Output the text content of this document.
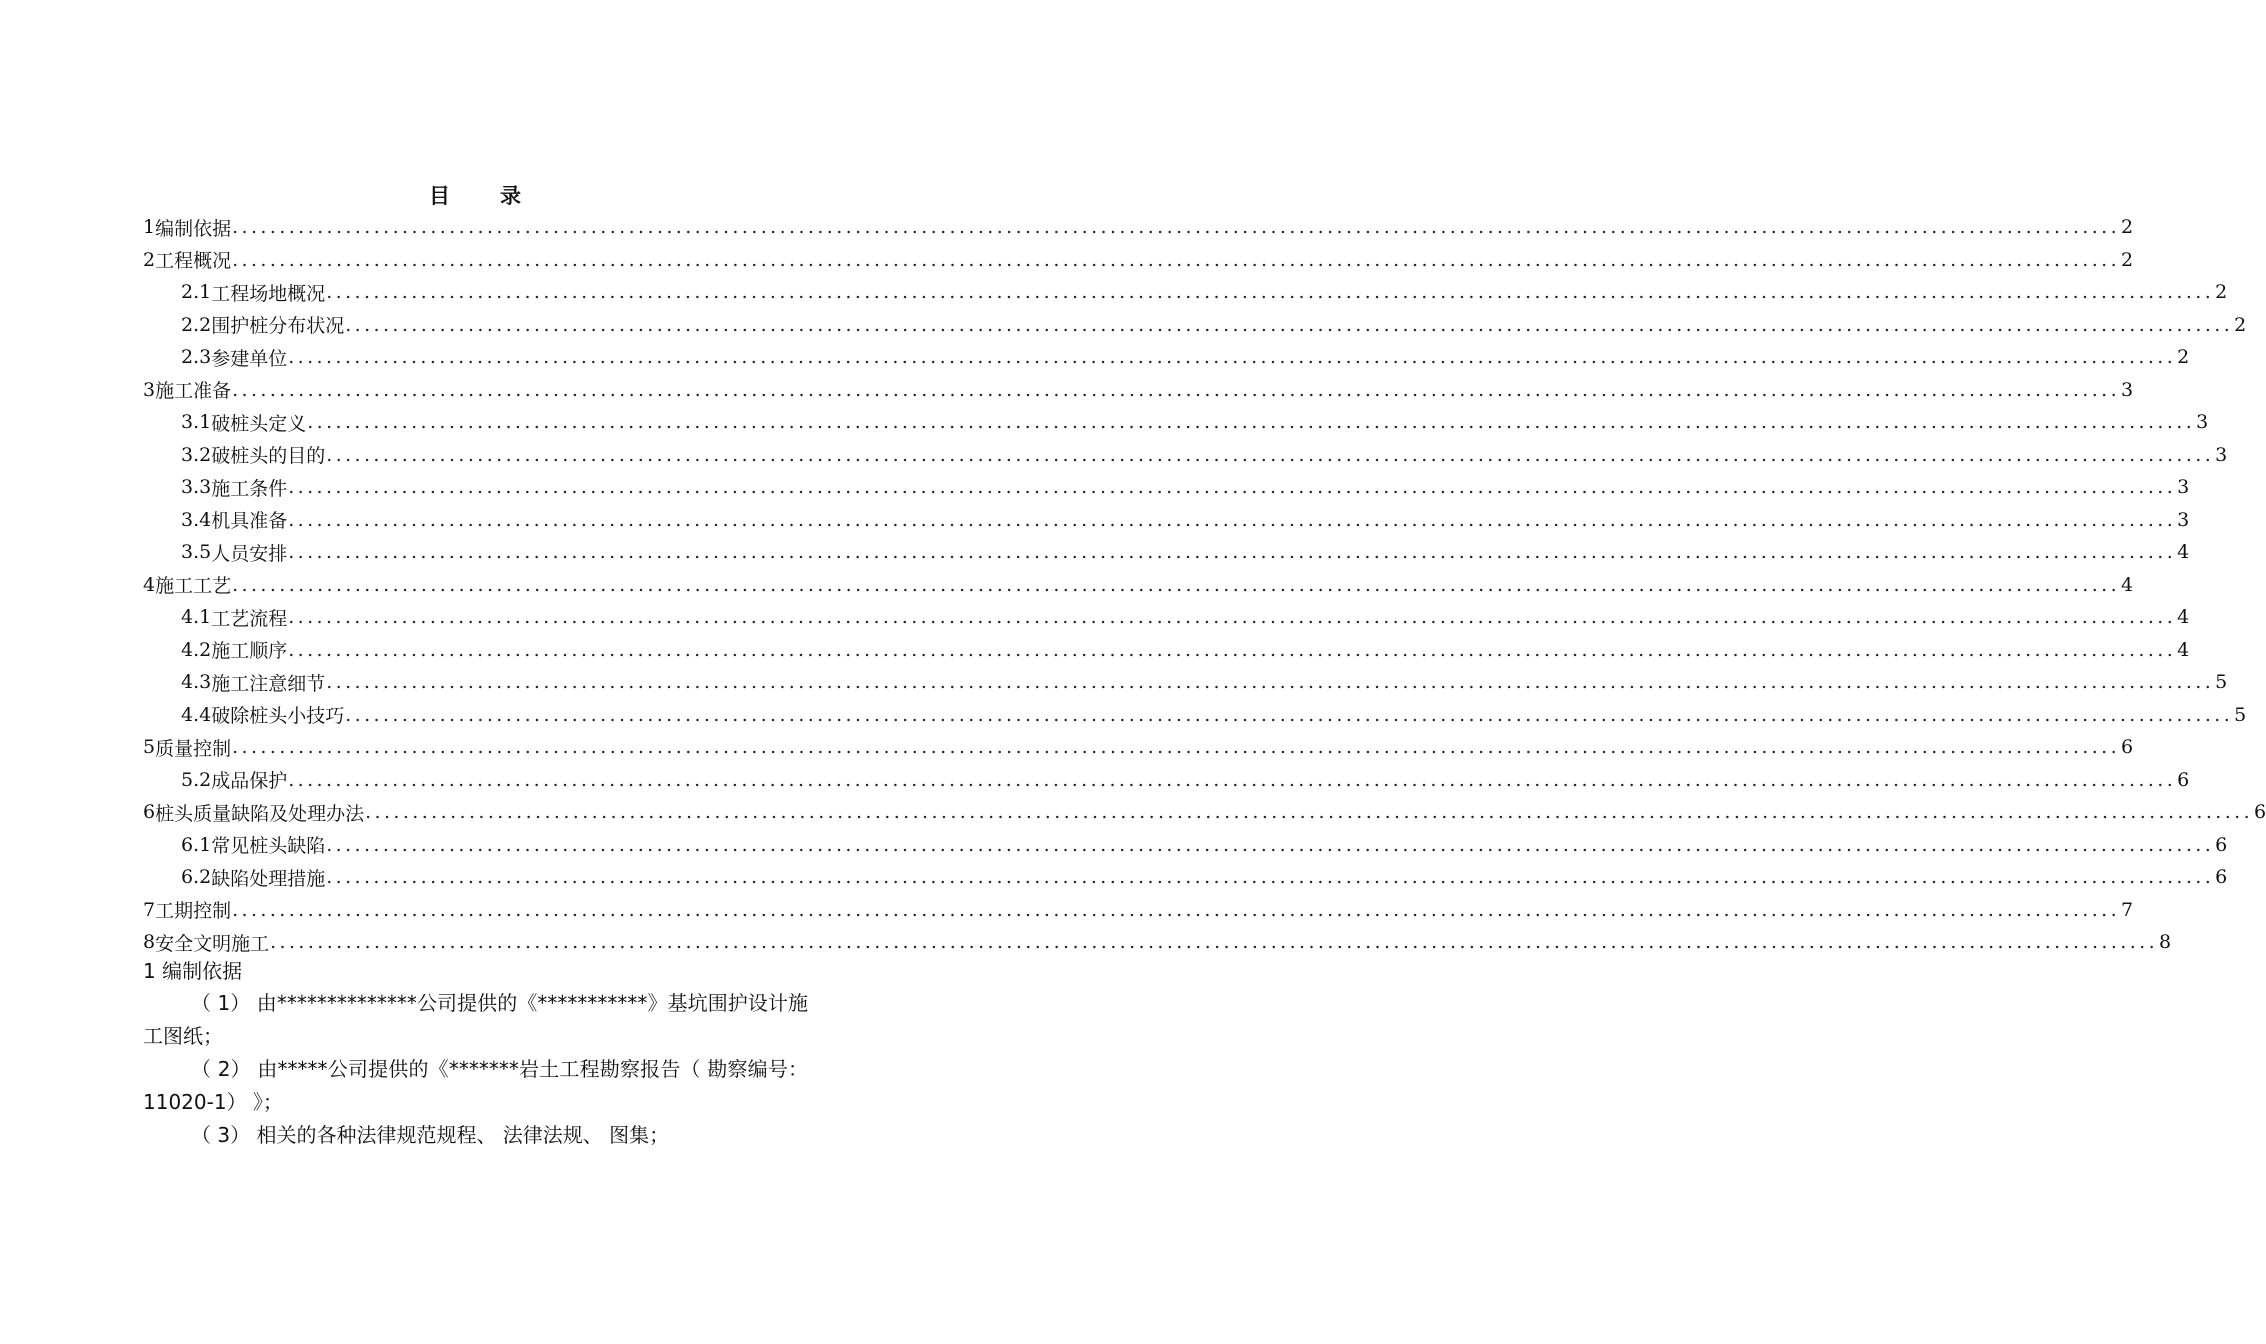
目 录
1 编制依据 ........................................................................................................................................................................................................ 2
2 工程概况 ........................................................................................................................................................................................................ 2
2.1 工程场地概况 ........................................................................................................................................................................................................ 2
2.2 围护桩分布状况 ........................................................................................................................................................................................................ 2
2.3 参建单位 ........................................................................................................................................................................................................ 2
3 施工准备 ........................................................................................................................................................................................................ 3
3.1 破桩头定义 ........................................................................................................................................................................................................ 3
3.2 破桩头的目的 ........................................................................................................................................................................................................ 3
3.3 施工条件 ........................................................................................................................................................................................................ 3
3.4 机具准备 ........................................................................................................................................................................................................ 3
3.5 人员安排 ........................................................................................................................................................................................................ 4
4 施工工艺 ........................................................................................................................................................................................................ 4
4.1 工艺流程 ........................................................................................................................................................................................................ 4
4.2 施工顺序 ........................................................................................................................................................................................................ 4
4.3 施工注意细节 ........................................................................................................................................................................................................ 5
4.4 破除桩头小技巧 ........................................................................................................................................................................................................ 5
5 质量控制 ........................................................................................................................................................................................................ 6
5.2 成品保护 ........................................................................................................................................................................................................ 6
6 桩头质量缺陷及处理办法 ........................................................................................................................................................................................................ 6
6.1 常见桩头缺陷 ........................................................................................................................................................................................................ 6
6.2 缺陷处理措施 ........................................................................................................................................................................................................ 6
7 工期控制 ........................................................................................................................................................................................................ 7
8 安全文明施工 ........................................................................................................................................................................................................ 8
1 编制依据
（ 1） 由**************公司提供的《***********》基坑围护设计施工图纸；
（ 2） 由*****公司提供的《*******岩土工程勘察报告（ 勘察编号： 11020-1） 》；
（ 3） 相关的各种法律规范规程、 法律法规、 图集；
